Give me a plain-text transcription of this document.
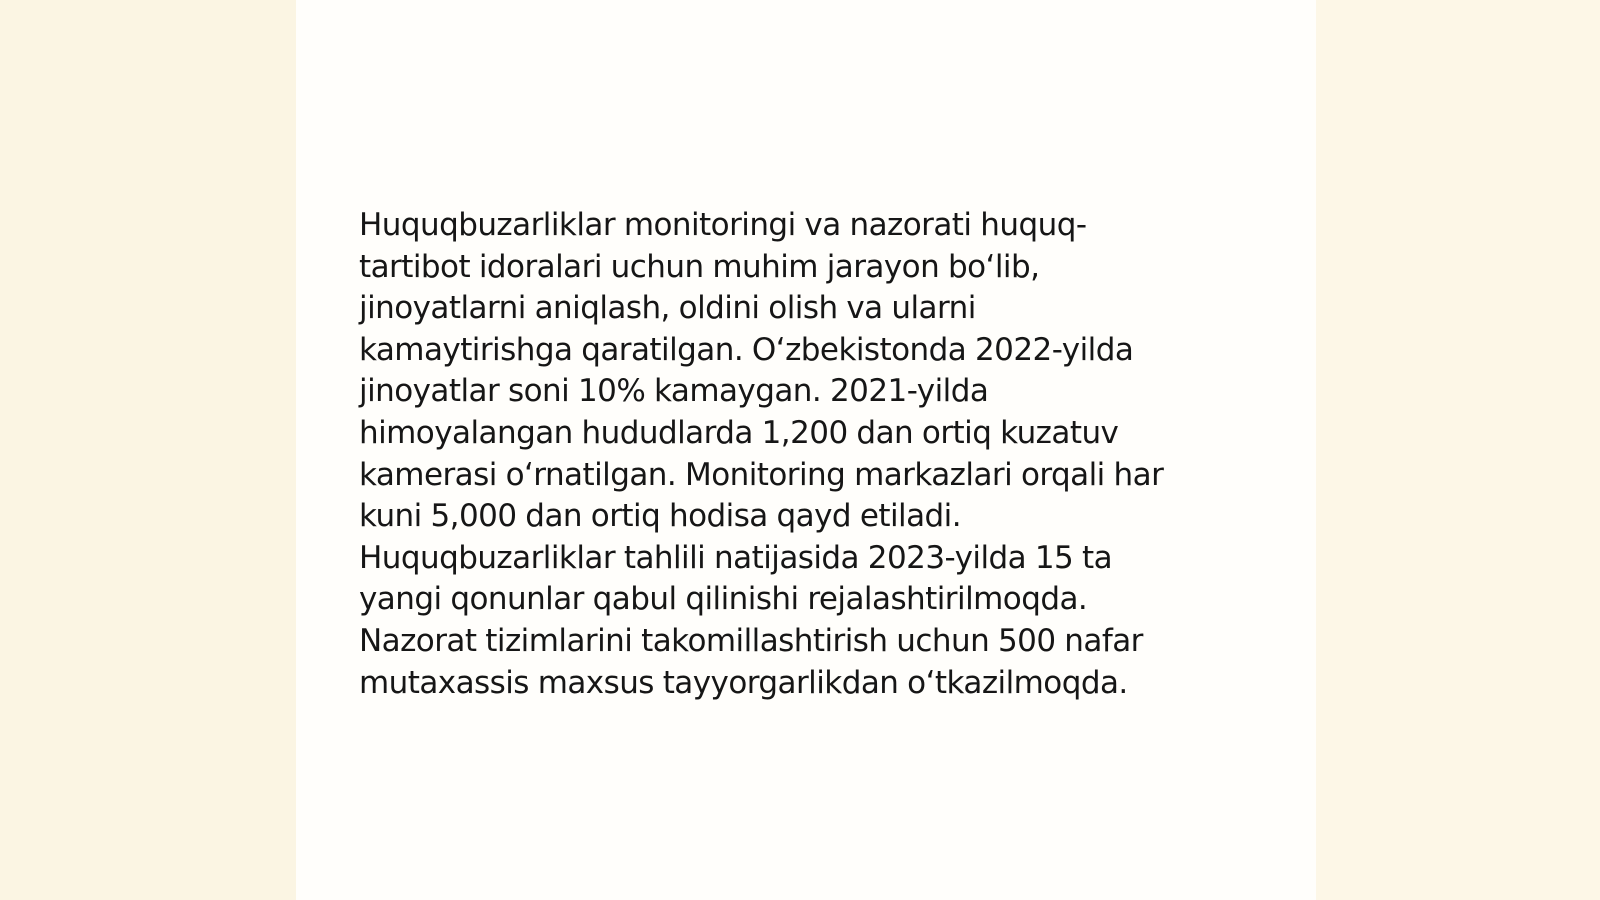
Huquqbuzarliklar monitoringi va nazorati huquq-
tartibot idoralari uchun muhim jarayon bo‘lib,
jinoyatlarni aniqlash, oldini olish va ularni
kamaytirishga qaratilgan. O‘zbekistonda 2022-yilda
jinoyatlar soni 10% kamaygan. 2021-yilda
himoyalangan hududlarda 1,200 dan ortiq kuzatuv
kamerasi o‘rnatilgan. Monitoring markazlari orqali har
kuni 5,000 dan ortiq hodisa qayd etiladi.
Huquqbuzarliklar tahlili natijasida 2023-yilda 15 ta
yangi qonunlar qabul qilinishi rejalashtirilmoqda.
Nazorat tizimlarini takomillashtirish uchun 500 nafar
mutaxassis maxsus tayyorgarlikdan o‘tkazilmoqda.
